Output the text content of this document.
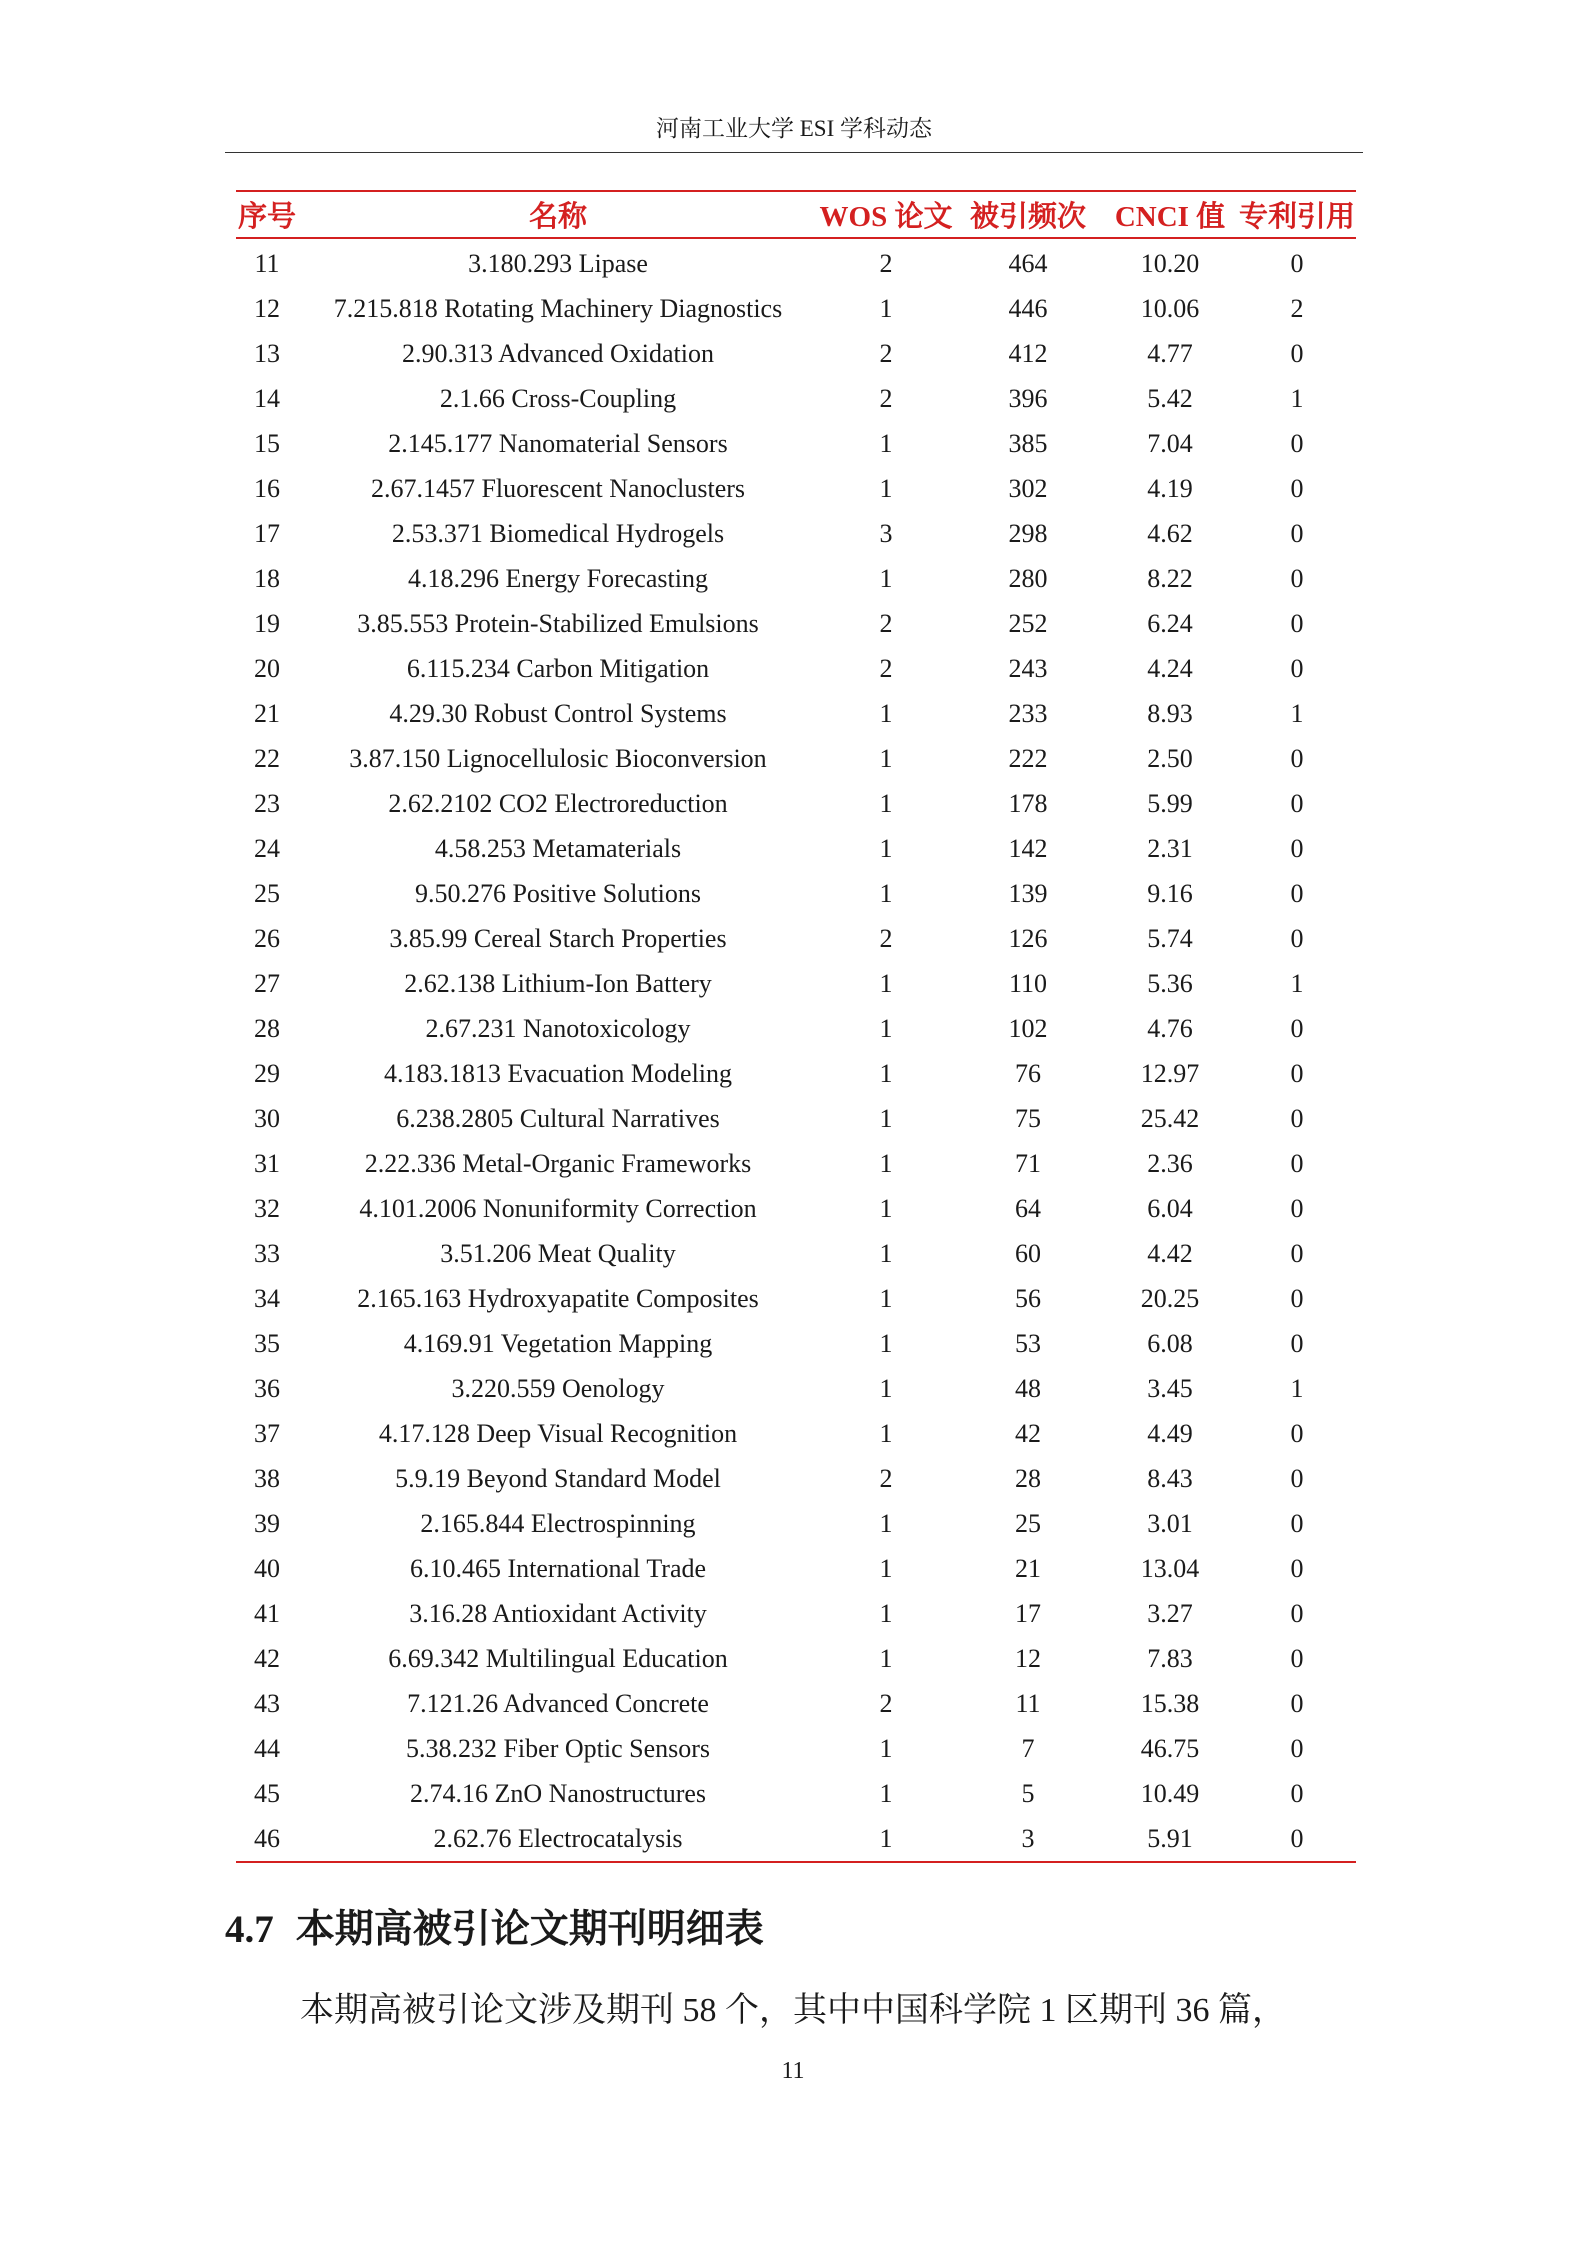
河南工业大学 ESI 学科动态
序号	名称	WOS 论文	被引频次	CNCI 值	专利引用
11	3.180.293 Lipase	2	464	10.20	0
12	7.215.818 Rotating Machinery Diagnostics	1	446	10.06	2
13	2.90.313 Advanced Oxidation	2	412	4.77	0
14	2.1.66 Cross-Coupling	2	396	5.42	1
15	2.145.177 Nanomaterial Sensors	1	385	7.04	0
16	2.67.1457 Fluorescent Nanoclusters	1	302	4.19	0
17	2.53.371 Biomedical Hydrogels	3	298	4.62	0
18	4.18.296 Energy Forecasting	1	280	8.22	0
19	3.85.553 Protein-Stabilized Emulsions	2	252	6.24	0
20	6.115.234 Carbon Mitigation	2	243	4.24	0
21	4.29.30 Robust Control Systems	1	233	8.93	1
22	3.87.150 Lignocellulosic Bioconversion	1	222	2.50	0
23	2.62.2102 CO2 Electroreduction	1	178	5.99	0
24	4.58.253 Metamaterials	1	142	2.31	0
25	9.50.276 Positive Solutions	1	139	9.16	0
26	3.85.99 Cereal Starch Properties	2	126	5.74	0
27	2.62.138 Lithium-Ion Battery	1	110	5.36	1
28	2.67.231 Nanotoxicology	1	102	4.76	0
29	4.183.1813 Evacuation Modeling	1	76	12.97	0
30	6.238.2805 Cultural Narratives	1	75	25.42	0
31	2.22.336 Metal-Organic Frameworks	1	71	2.36	0
32	4.101.2006 Nonuniformity Correction	1	64	6.04	0
33	3.51.206 Meat Quality	1	60	4.42	0
34	2.165.163 Hydroxyapatite Composites	1	56	20.25	0
35	4.169.91 Vegetation Mapping	1	53	6.08	0
36	3.220.559 Oenology	1	48	3.45	1
37	4.17.128 Deep Visual Recognition	1	42	4.49	0
38	5.9.19 Beyond Standard Model	2	28	8.43	0
39	2.165.844 Electrospinning	1	25	3.01	0
40	6.10.465 International Trade	1	21	13.04	0
41	3.16.28 Antioxidant Activity	1	17	3.27	0
42	6.69.342 Multilingual Education	1	12	7.83	0
43	7.121.26 Advanced Concrete	2	11	15.38	0
44	5.38.232 Fiber Optic Sensors	1	7	46.75	0
45	2.74.16 ZnO Nanostructures	1	5	10.49	0
46	2.62.76 Electrocatalysis	1	3	5.91	0
4.7 本期高被引论文期刊明细表

本期高被引论文涉及期刊 58 个，其中中国科学院 1 区期刊 36 篇，

11
